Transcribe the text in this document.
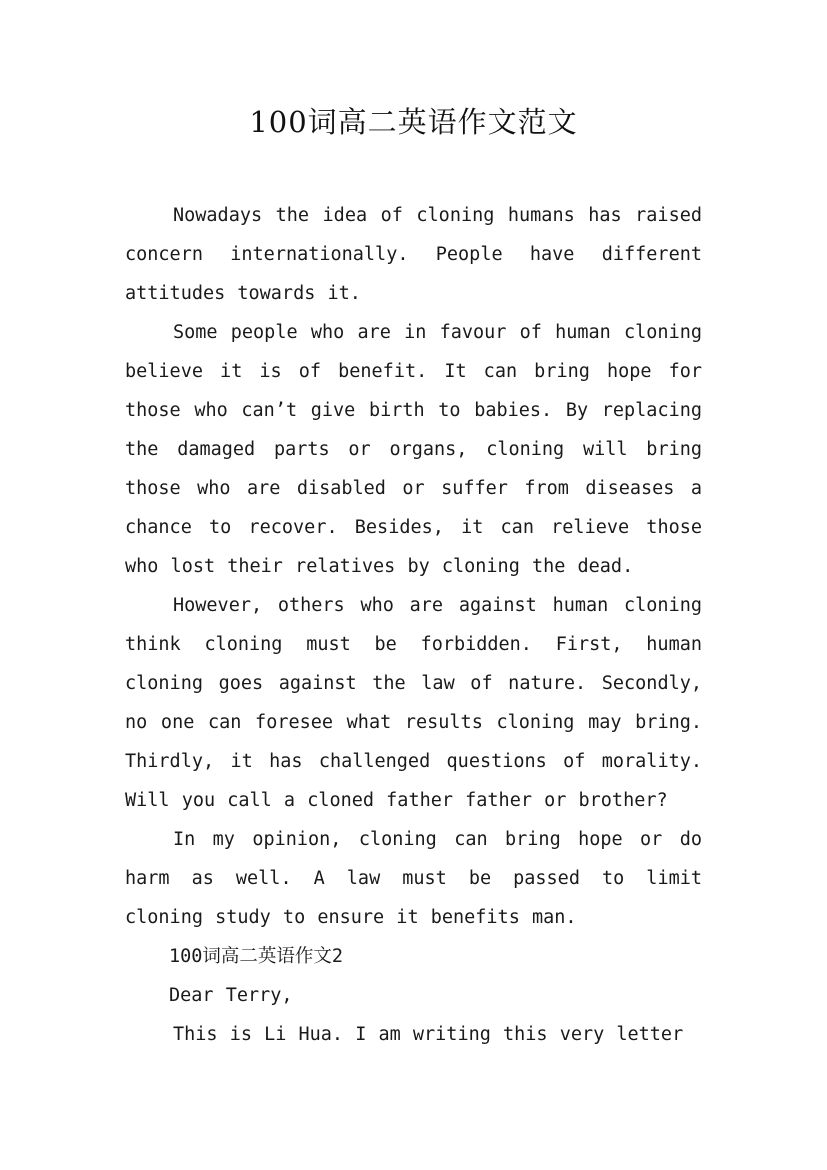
100词高二英语作文范文

Nowadays the idea of cloning humans has raised concern internationally. People have different attitudes towards it.

Some people who are in favour of human cloning believe it is of benefit. It can bring hope for those who can’t give birth to babies. By replacing the damaged parts or organs, cloning will bring those who are disabled or suffer from diseases a chance to recover. Besides, it can relieve those who lost their relatives by cloning the dead.

However, others who are against human cloning think cloning must be forbidden. First, human cloning goes against the law of nature. Secondly, no one can foresee what results cloning may bring. Thirdly, it has challenged questions of morality. Will you call a cloned father father or brother?

In my opinion, cloning can bring hope or do harm as well. A law must be passed to limit cloning study to ensure it benefits man.

100词高二英语作文2

Dear Terry,

This is Li Hua. I am writing this very letter
